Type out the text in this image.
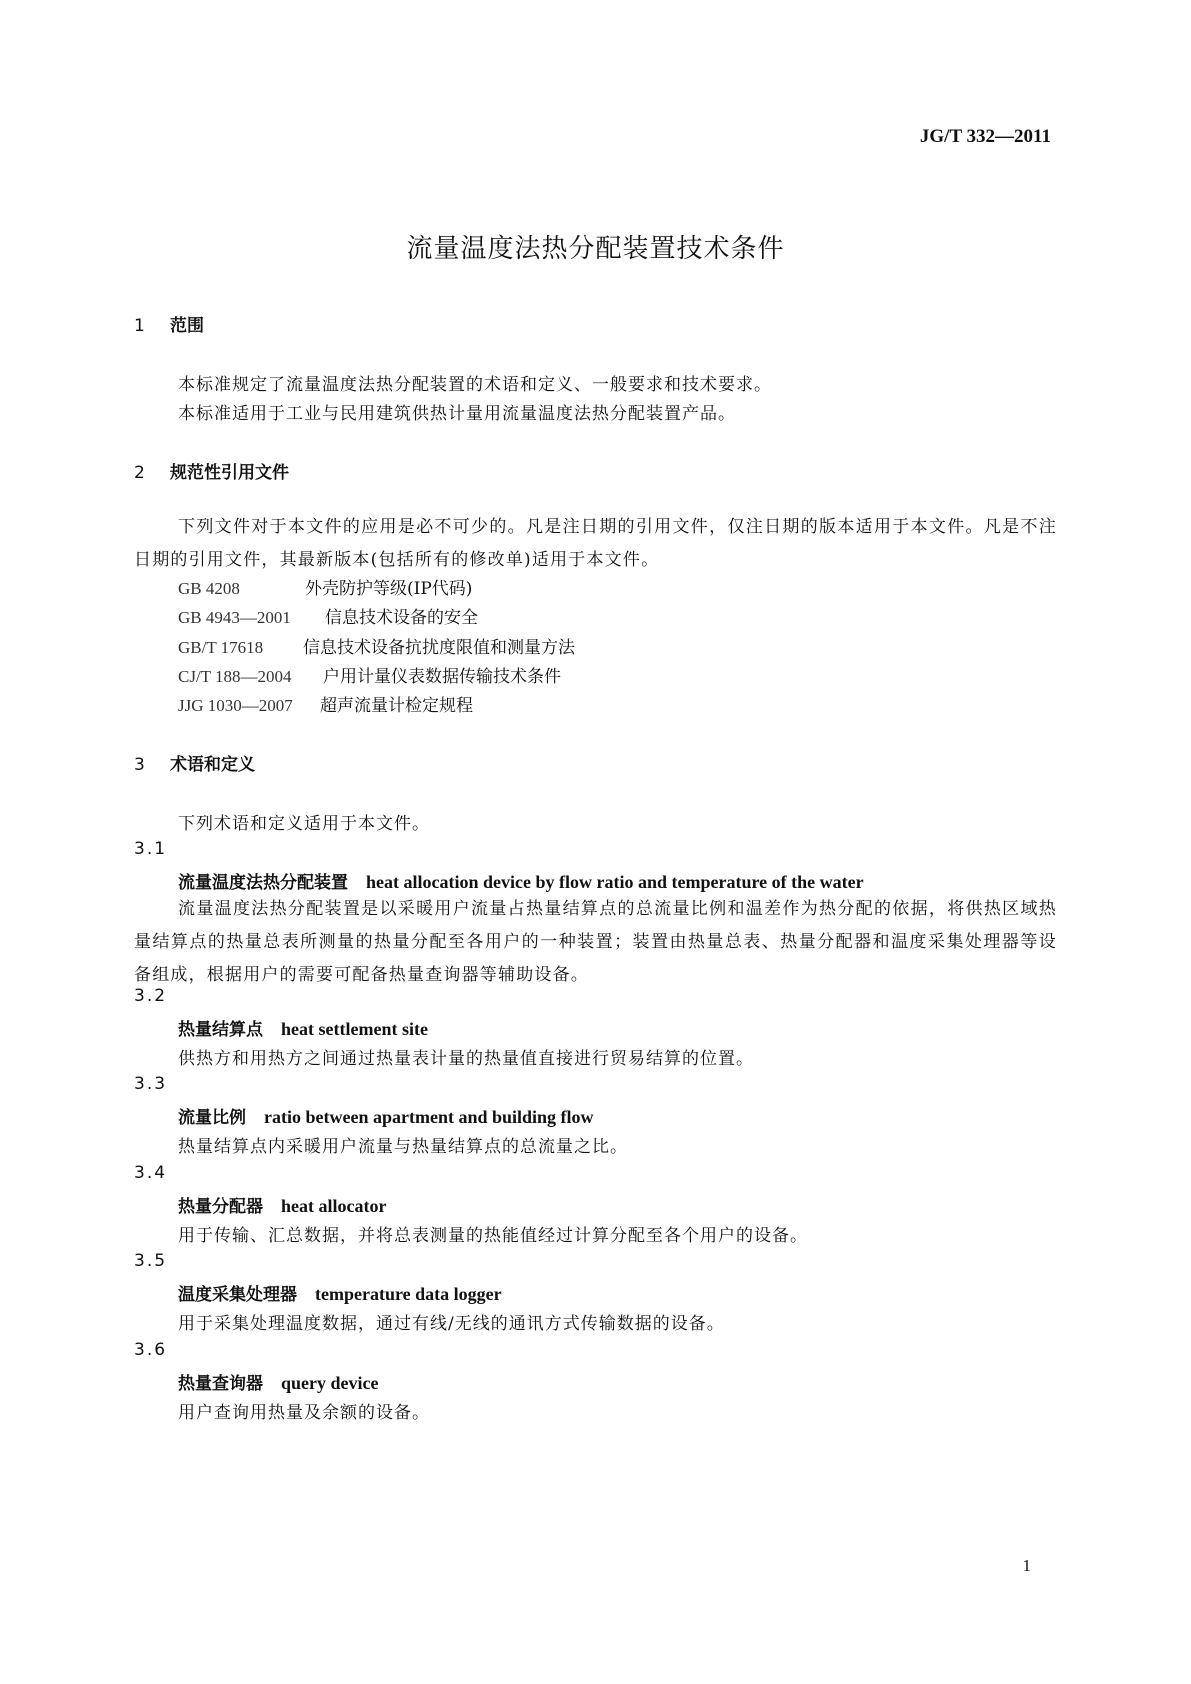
JG/T 332—2011
流量温度法热分配装置技术条件
1 范围
本标准规定了流量温度法热分配装置的术语和定义、一般要求和技术要求。
本标准适用于工业与民用建筑供热计量用流量温度法热分配装置产品。
2 规范性引用文件
下列文件对于本文件的应用是必不可少的。凡是注日期的引用文件，仅注日期的版本适用于本文件。凡是不注日期的引用文件，其最新版本(包括所有的修改单)适用于本文件。
GB 4208	外壳防护等级(IP代码)
GB 4943—2001 信息技术设备的安全
GB/T 17618 信息技术设备抗扰度限值和测量方法
CJ/T 188—2004 户用计量仪表数据传输技术条件
JJG 1030—2007 超声流量计检定规程
3 术语和定义
下列术语和定义适用于本文件。
3.1
流量温度法热分配装置 heat allocation device by flow ratio and temperature of the water
流量温度法热分配装置是以采暖用户流量占热量结算点的总流量比例和温差作为热分配的依据，将供热区域热量结算点的热量总表所测量的热量分配至各用户的一种装置；装置由热量总表、热量分配器和温度采集处理器等设备组成，根据用户的需要可配备热量查询器等辅助设备。
3.2
热量结算点 heat settlement site
供热方和用热方之间通过热量表计量的热量值直接进行贸易结算的位置。
3.3
流量比例 ratio between apartment and building flow
热量结算点内采暖用户流量与热量结算点的总流量之比。
3.4
热量分配器 heat allocator
用于传输、汇总数据，并将总表测量的热能值经过计算分配至各个用户的设备。
3.5
温度采集处理器 temperature data logger
用于采集处理温度数据，通过有线/无线的通讯方式传输数据的设备。
3.6
热量查询器 query device
用户查询用热量及余额的设备。
1
